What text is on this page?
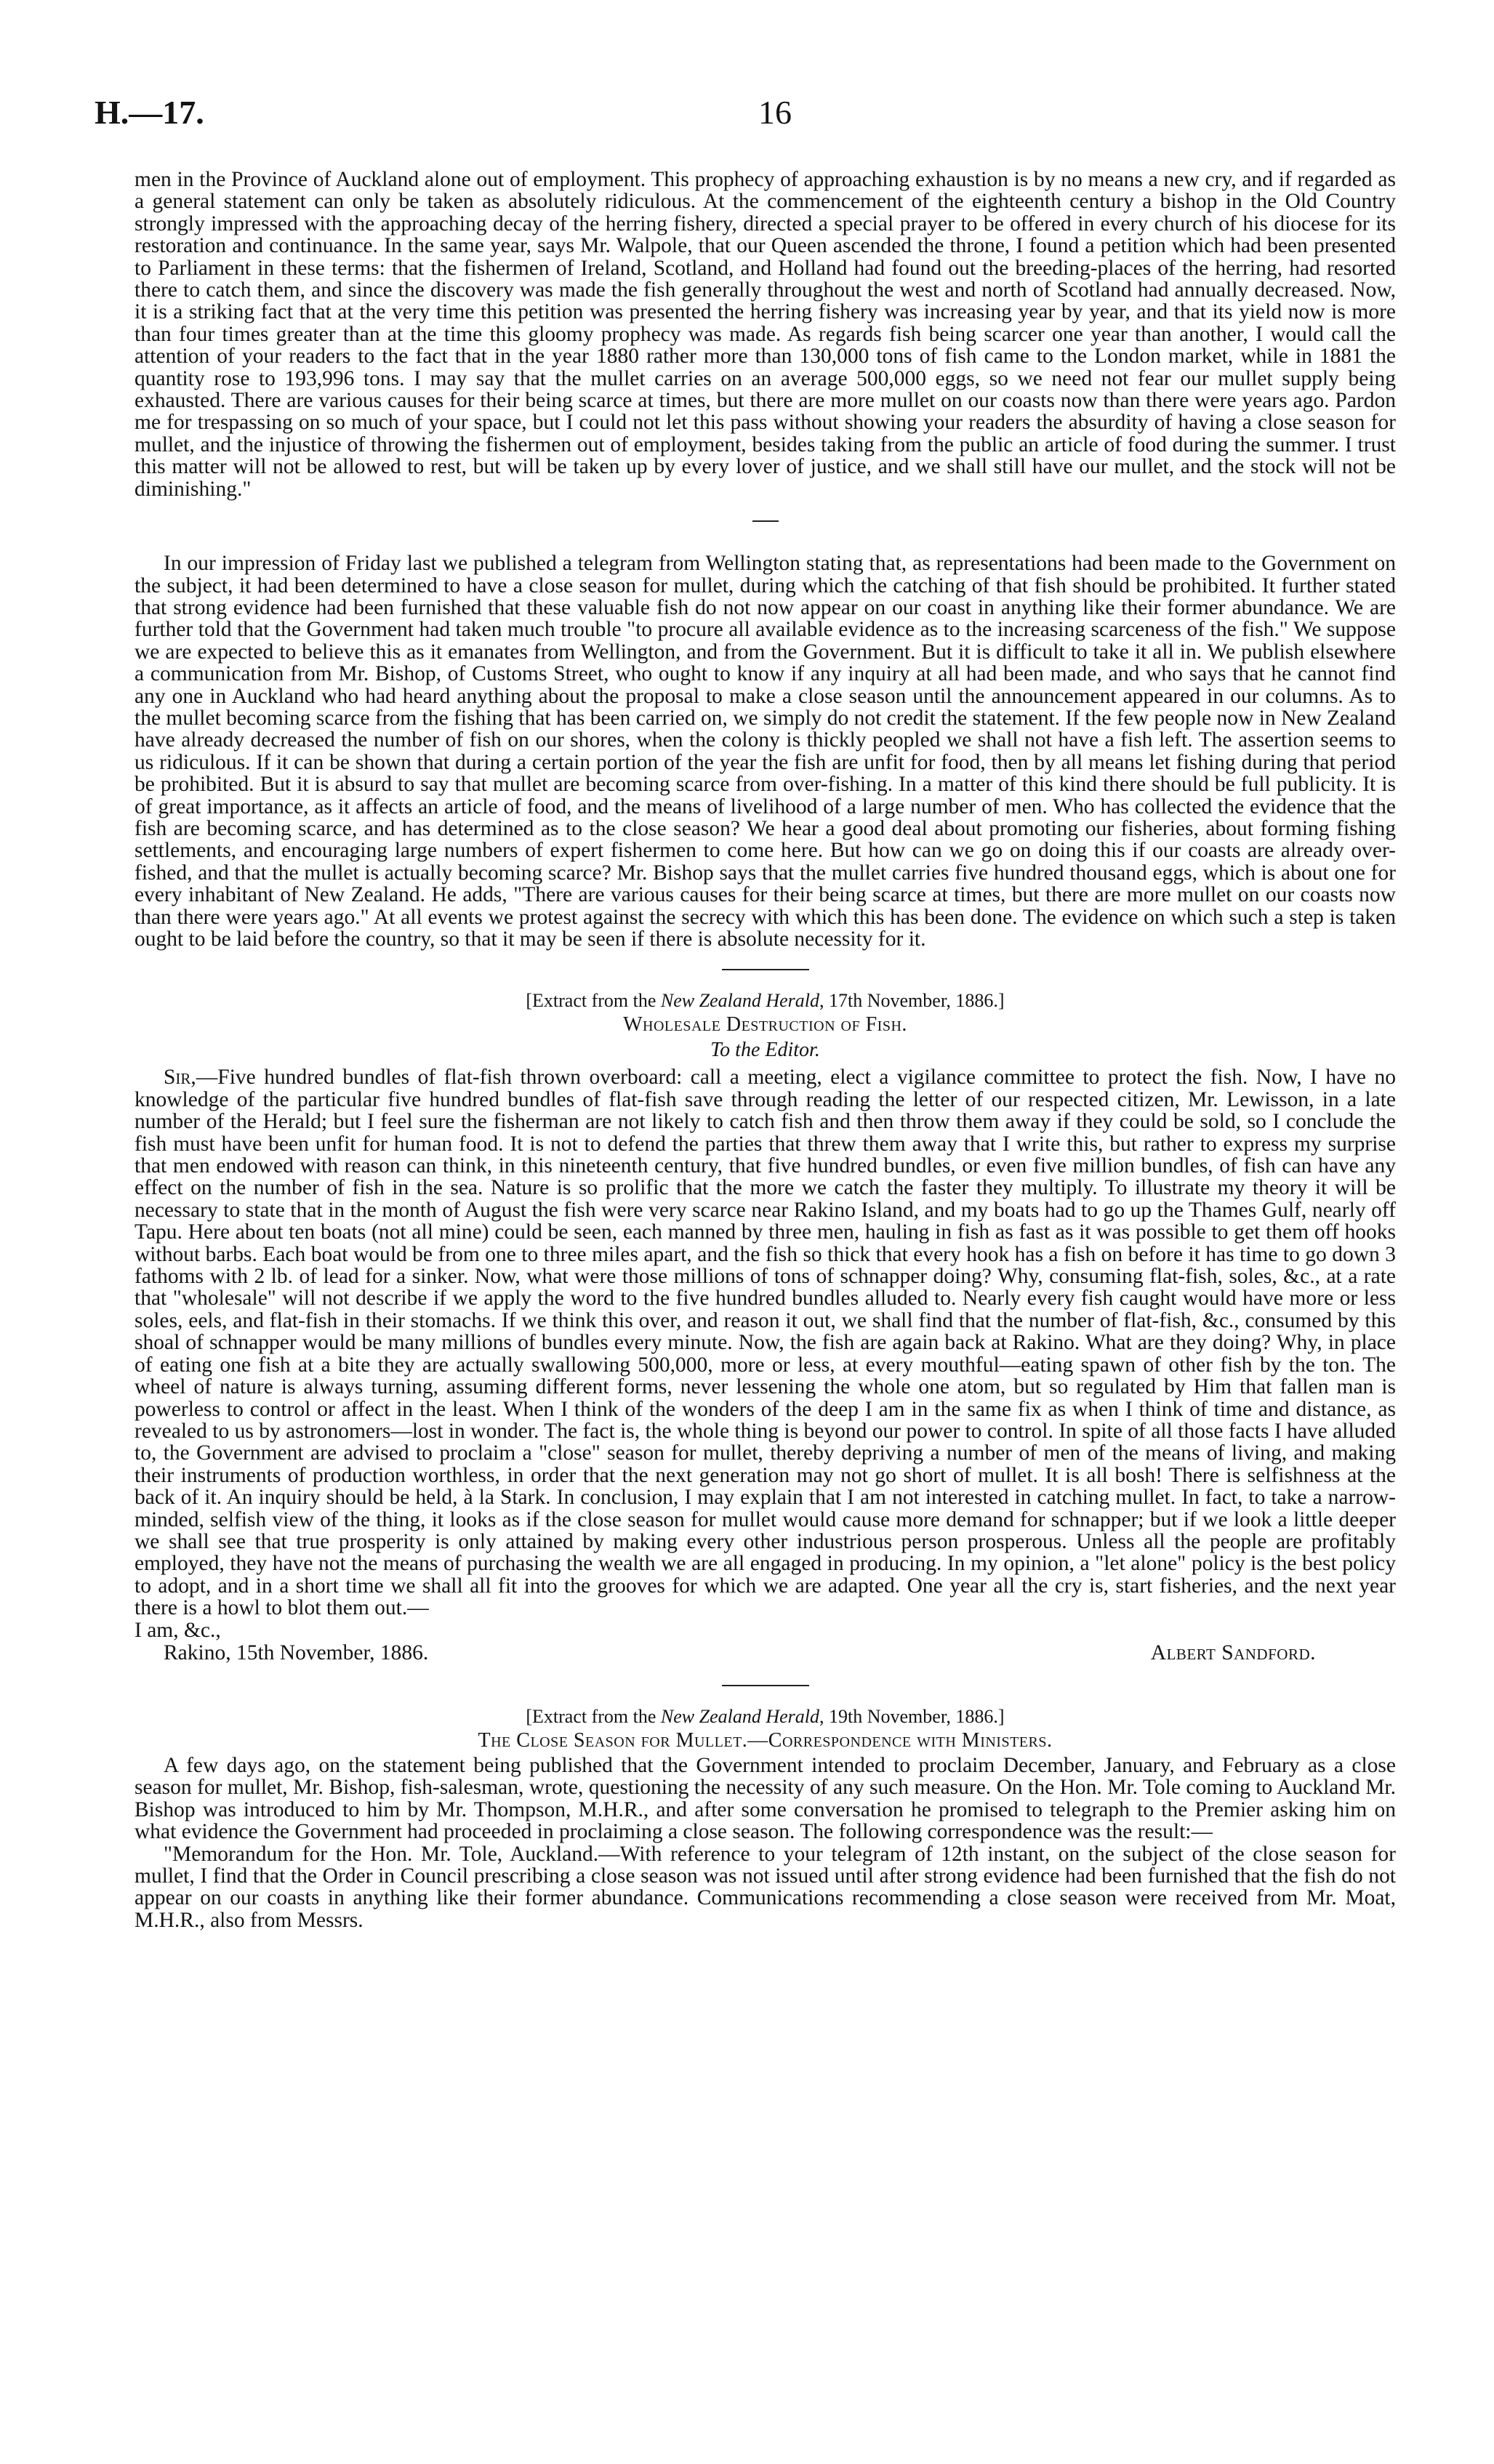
H.—17.	16

men in the Province of Auckland alone out of employment. This prophecy of approaching exhaustion is by no means a new cry, and if regarded as a general statement can only be taken as absolutely ridiculous. At the commencement of the eighteenth century a bishop in the Old Country strongly impressed with the approaching decay of the herring fishery, directed a special prayer to be offered in every church of his diocese for its restoration and continuance. In the same year, says Mr. Walpole, that our Queen ascended the throne, I found a petition which had been presented to Parliament in these terms: that the fishermen of Ireland, Scotland, and Holland had found out the breeding-places of the herring, had resorted there to catch them, and since the discovery was made the fish generally throughout the west and north of Scotland had annually decreased. Now, it is a striking fact that at the very time this petition was presented the herring fishery was increasing year by year, and that its yield now is more than four times greater than at the time this gloomy prophecy was made. As regards fish being scarcer one year than another, I would call the attention of your readers to the fact that in the year 1880 rather more than 130,000 tons of fish came to the London market, while in 1881 the quantity rose to 193,996 tons. I may say that the mullet carries on an average 500,000 eggs, so we need not fear our mullet supply being exhausted. There are various causes for their being scarce at times, but there are more mullet on our coasts now than there were years ago. Pardon me for trespassing on so much of your space, but I could not let this pass without showing your readers the absurdity of having a close season for mullet, and the injustice of throwing the fishermen out of employment, besides taking from the public an article of food during the summer. I trust this matter will not be allowed to rest, but will be taken up by every lover of justice, and we shall still have our mullet, and the stock will not be diminishing."

In our impression of Friday last we published a telegram from Wellington stating that, as representations had been made to the Government on the subject, it had been determined to have a close season for mullet, during which the catching of that fish should be prohibited. It further stated that strong evidence had been furnished that these valuable fish do not now appear on our coast in anything like their former abundance. We are further told that the Government had taken much trouble "to procure all available evidence as to the increasing scarceness of the fish." We suppose we are expected to believe this as it emanates from Wellington, and from the Government. But it is difficult to take it all in. We publish elsewhere a communication from Mr. Bishop, of Customs Street, who ought to know if any inquiry at all had been made, and who says that he cannot find any one in Auckland who had heard anything about the proposal to make a close season until the announcement appeared in our columns. As to the mullet becoming scarce from the fishing that has been carried on, we simply do not credit the statement. If the few people now in New Zealand have already decreased the number of fish on our shores, when the colony is thickly peopled we shall not have a fish left. The assertion seems to us ridiculous. If it can be shown that during a certain portion of the year the fish are unfit for food, then by all means let fishing during that period be prohibited. But it is absurd to say that mullet are becoming scarce from over-fishing. In a matter of this kind there should be full publicity. It is of great importance, as it affects an article of food, and the means of livelihood of a large number of men. Who has collected the evidence that the fish are becoming scarce, and has determined as to the close season? We hear a good deal about promoting our fisheries, about forming fishing settlements, and encouraging large numbers of expert fishermen to come here. But how can we go on doing this if our coasts are already over-fished, and that the mullet is actually becoming scarce? Mr. Bishop says that the mullet carries five hundred thousand eggs, which is about one for every inhabitant of New Zealand. He adds, "There are various causes for their being scarce at times, but there are more mullet on our coasts now than there were years ago." At all events we protest against the secrecy with which this has been done. The evidence on which such a step is taken ought to be laid before the country, so that it may be seen if there is absolute necessity for it.

[Extract from the New Zealand Herald, 17th November, 1886.]

Wholesale Destruction of Fish.

To the Editor.

Sir,—Five hundred bundles of flat-fish thrown overboard: call a meeting, elect a vigilance committee to protect the fish. Now, I have no knowledge of the particular five hundred bundles of flat-fish save through reading the letter of our respected citizen, Mr. Lewisson, in a late number of the Herald; but I feel sure the fisherman are not likely to catch fish and then throw them away if they could be sold, so I conclude the fish must have been unfit for human food. It is not to defend the parties that threw them away that I write this, but rather to express my surprise that men endowed with reason can think, in this nineteenth century, that five hundred bundles, or even five million bundles, of fish can have any effect on the number of fish in the sea. Nature is so prolific that the more we catch the faster they multiply. To illustrate my theory it will be necessary to state that in the month of August the fish were very scarce near Rakino Island, and my boats had to go up the Thames Gulf, nearly off Tapu. Here about ten boats (not all mine) could be seen, each manned by three men, hauling in fish as fast as it was possible to get them off hooks without barbs. Each boat would be from one to three miles apart, and the fish so thick that every hook has a fish on before it has time to go down 3 fathoms with 2 lb. of lead for a sinker. Now, what were those millions of tons of schnapper doing? Why, consuming flat-fish, soles, &c., at a rate that "wholesale" will not describe if we apply the word to the five hundred bundles alluded to. Nearly every fish caught would have more or less soles, eels, and flat-fish in their stomachs. If we think this over, and reason it out, we shall find that the number of flat-fish, &c., consumed by this shoal of schnapper would be many millions of bundles every minute. Now, the fish are again back at Rakino. What are they doing? Why, in place of eating one fish at a bite they are actually swallowing 500,000, more or less, at every mouthful—eating spawn of other fish by the ton. The wheel of nature is always turning, assuming different forms, never lessening the whole one atom, but so regulated by Him that fallen man is powerless to control or affect in the least. When I think of the wonders of the deep I am in the same fix as when I think of time and distance, as revealed to us by astronomers—lost in wonder. The fact is, the whole thing is beyond our power to control. In spite of all those facts I have alluded to, the Government are advised to proclaim a "close" season for mullet, thereby depriving a number of men of the means of living, and making their instruments of production worthless, in order that the next generation may not go short of mullet. It is all bosh! There is selfishness at the back of it. An inquiry should be held, à la Stark. In conclusion, I may explain that I am not interested in catching mullet. In fact, to take a narrow-minded, selfish view of the thing, it looks as if the close season for mullet would cause more demand for schnapper; but if we look a little deeper we shall see that true prosperity is only attained by making every other industrious person prosperous. Unless all the people are profitably employed, they have not the means of purchasing the wealth we are all engaged in producing. In my opinion, a "let alone" policy is the best policy to adopt, and in a short time we shall all fit into the grooves for which we are adapted. One year all the cry is, start fisheries, and the next year there is a howl to blot them out.—

I am, &c.,

Rakino, 15th November, 1886.	Albert Sandford.

[Extract from the New Zealand Herald, 19th November, 1886.]

The Close Season for Mullet.—Correspondence with Ministers.

A few days ago, on the statement being published that the Government intended to proclaim December, January, and February as a close season for mullet, Mr. Bishop, fish-salesman, wrote, questioning the necessity of any such measure. On the Hon. Mr. Tole coming to Auckland Mr. Bishop was introduced to him by Mr. Thompson, M.H.R., and after some conversation he promised to telegraph to the Premier asking him on what evidence the Government had proceeded in proclaiming a close season. The following correspondence was the result:—

"Memorandum for the Hon. Mr. Tole, Auckland.—With reference to your telegram of 12th instant, on the subject of the close season for mullet, I find that the Order in Council prescribing a close season was not issued until after strong evidence had been furnished that the fish do not appear on our coasts in anything like their former abundance. Communications recommending a close season were received from Mr. Moat, M.H.R., also from Messrs.
